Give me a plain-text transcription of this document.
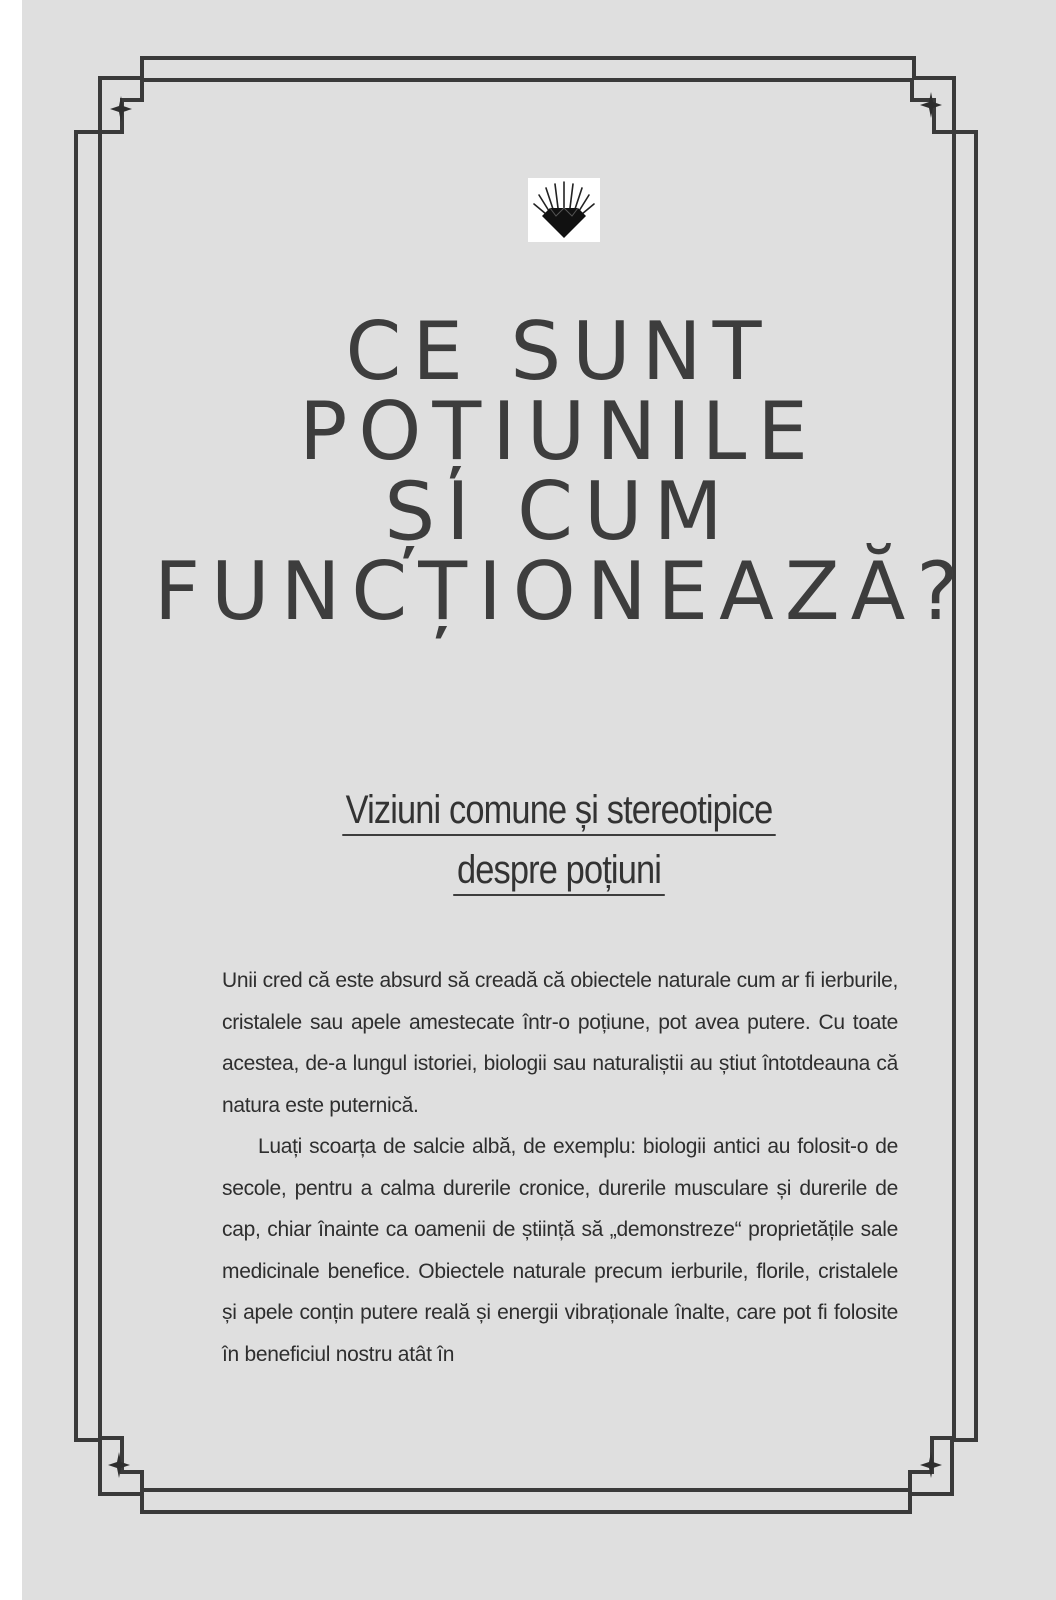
CE SUNT
POȚIUNILE
ȘI CUM
FUNCȚIONEAZĂ?
Viziuni comune și stereotipice
despre poțiuni

Unii cred că este absurd să creadă că obiectele naturale cum ar fi ierburile, cristalele sau apele amestecate într-o poțiune, pot avea putere. Cu toate acestea, de-a lungul istoriei, biologii sau naturaliștii au știut întotdeauna că natura este puternică.

Luați scoarța de salcie albă, de exemplu: biologii antici au folosit-o de secole, pentru a calma durerile cronice, durerile musculare și durerile de cap, chiar înainte ca oamenii de știință să „demonstreze“ proprietățile sale medicinale benefice. Obiectele naturale precum ierburile, florile, cristalele și apele conțin putere reală și energii vibraționale înalte, care pot fi folosite în beneficiul nostru atât în
